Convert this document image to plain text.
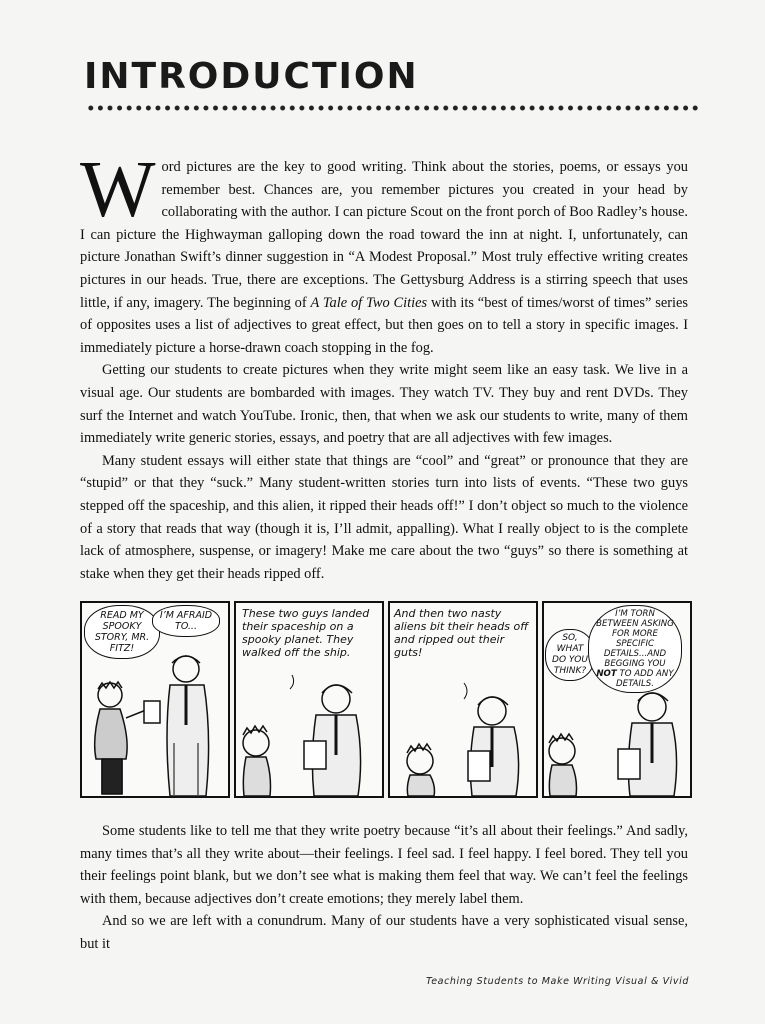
INTRODUCTION

Word pictures are the key to good writing. Think about the stories, poems, or essays you remember best. Chances are, you remember pictures you created in your head by collaborating with the author. I can picture Scout on the front porch of Boo Radley’s house. I can picture the Highwayman galloping down the road toward the inn at night. I, unfortunately, can picture Jonathan Swift’s dinner suggestion in “A Modest Proposal.” Most truly effective writing creates pictures in our heads. True, there are exceptions. The Gettysburg Address is a stirring speech that uses little, if any, imagery. The beginning of A Tale of Two Cities with its “best of times/worst of times” series of opposites uses a list of adjectives to great effect, but then goes on to tell a story in specific images. I immediately picture a horse-drawn coach stopping in the fog.

Getting our students to create pictures when they write might seem like an easy task. We live in a visual age. Our students are bombarded with images. They watch TV. They buy and rent DVDs. They surf the Internet and watch YouTube. Ironic, then, that when we ask our students to write, many of them immediately write generic stories, essays, and poetry that are all adjectives with few images.

Many student essays will either state that things are “cool” and “great” or pronounce that they are “stupid” or that they “suck.” Many student-written stories turn into lists of events. “These two guys stepped off the spaceship, and this alien, it ripped their heads off!” I don’t object so much to the violence of a story that reads that way (though it is, I’ll admit, appalling). What I really object to is the complete lack of atmosphere, suspense, or imagery! Make me care about the two “guys” so there is something at stake when they get their heads ripped off.

READ MY SPOOKY STORY, MR. FITZ!
I’M AFRAID TO...
These two guys landed their spaceship on a spooky planet. They walked off the ship.
And then two nasty aliens bit their heads off and ripped out their guts!
SO, WHAT DO YOU THINK?
I’M TORN BETWEEN ASKING FOR MORE SPECIFIC DETAILS...AND BEGGING YOU NOT TO ADD ANY DETAILS.

Some students like to tell me that they write poetry because “it’s all about their feelings.” And sadly, many times that’s all they write about—their feelings. I feel sad. I feel happy. I feel bored. They tell you their feelings point blank, but we don’t see what is making them feel that way. We can’t feel the feelings with them, because adjectives don’t create emotions; they merely label them.

And so we are left with a conundrum. Many of our students have a very sophisticated visual sense, but it

Teaching Students to Make Writing Visual & Vivid
